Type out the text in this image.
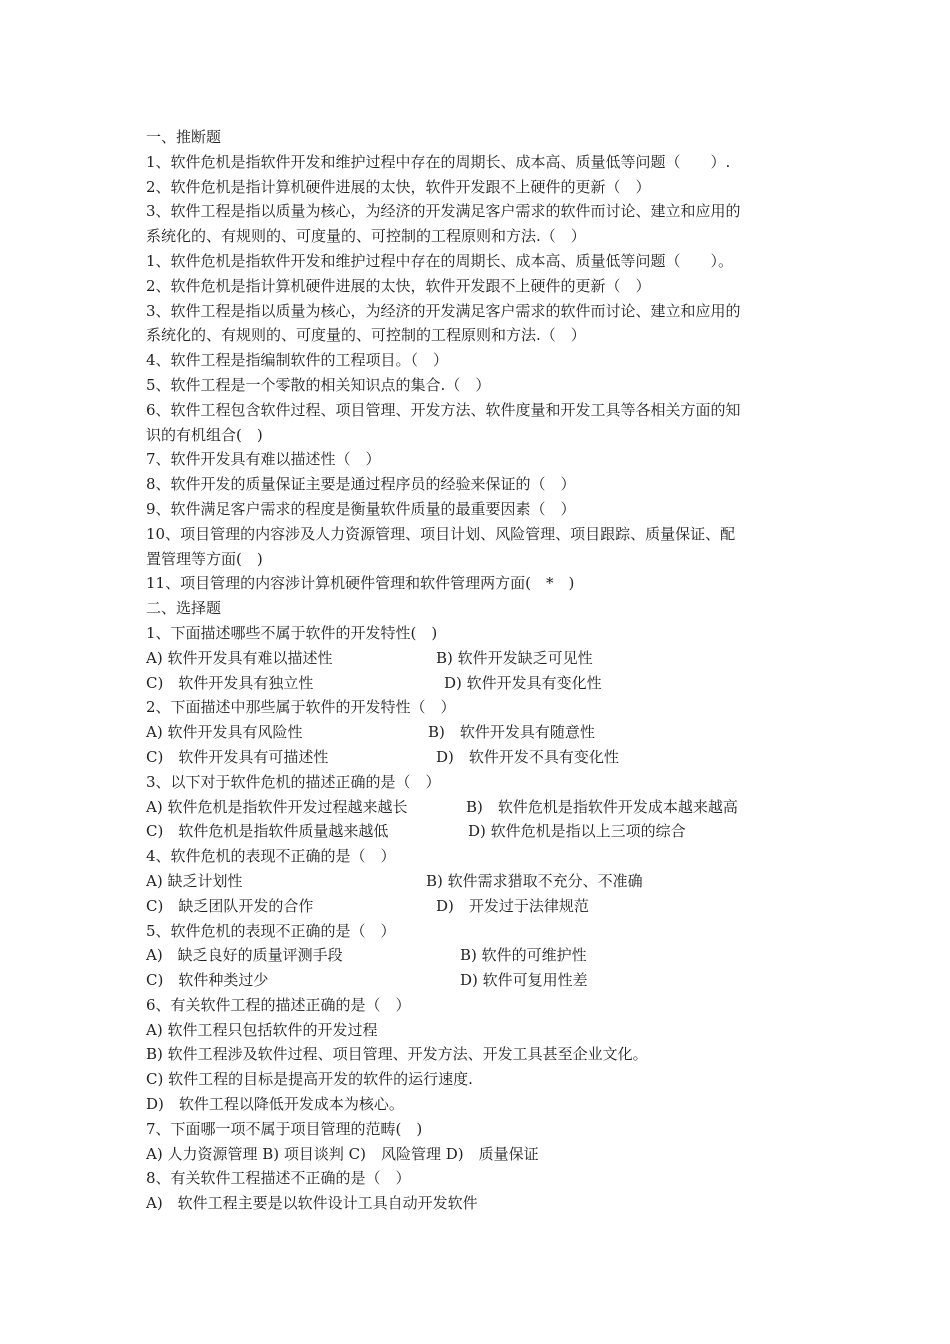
一、推断题
1、软件危机是指软件开发和维护过程中存在的周期长、成本高、质量低等问题（　　）.
2、软件危机是指计算机硬件进展的太快，软件开发跟不上硬件的更新（　）
3、软件工程是指以质量为核心，为经济的开发满足客户需求的软件而讨论、建立和应用的
系统化的、有规则的、可度量的、可控制的工程原则和方法.（　）
1、软件危机是指软件开发和维护过程中存在的周期长、成本高、质量低等问题（　　）。
2、软件危机是指计算机硬件进展的太快，软件开发跟不上硬件的更新（　）
3、软件工程是指以质量为核心，为经济的开发满足客户需求的软件而讨论、建立和应用的
系统化的、有规则的、可度量的、可控制的工程原则和方法.（　）
4、软件工程是指编制软件的工程项目。（　）
5、软件工程是一个零散的相关知识点的集合.（　）
6、软件工程包含软件过程、项目管理、开发方法、软件度量和开发工具等各相关方面的知
识的有机组合(　)
7、软件开发具有难以描述性（　）
8、软件开发的质量保证主要是通过程序员的经验来保证的（　）
9、软件满足客户需求的程度是衡量软件质量的最重要因素（　）
10、项目管理的内容涉及人力资源管理、项目计划、风险管理、项目跟踪、质量保证、配
置管理等方面(　)
11、项目管理的内容涉计算机硬件管理和软件管理两方面(　*　)
二、选择题
1、下面描述哪些不属于软件的开发特性(　)
A) 软件开发具有难以描述性	B) 软件开发缺乏可见性
C)　软件开发具有独立性	D) 软件开发具有变化性
2、下面描述中那些属于软件的开发特性（　）
A) 软件开发具有风险性	B)　软件开发具有随意性
C)　软件开发具有可描述性	D)　软件开发不具有变化性
3、以下对于软件危机的描述正确的是（　）
A) 软件危机是指软件开发过程越来越长	B)　软件危机是指软件开发成本越来越高
C)　软件危机是指软件质量越来越低	D) 软件危机是指以上三项的综合
4、软件危机的表现不正确的是（　）
A) 缺乏计划性	B) 软件需求猎取不充分、不准确
C)　缺乏团队开发的合作	D)　开发过于法律规范
5、软件危机的表现不正确的是（　）
A)　缺乏良好的质量评测手段	B) 软件的可维护性
C)　软件种类过少	D) 软件可复用性差
6、有关软件工程的描述正确的是（　）
A) 软件工程只包括软件的开发过程
B) 软件工程涉及软件过程、项目管理、开发方法、开发工具甚至企业文化。
C) 软件工程的目标是提高开发的软件的运行速度.
D)　软件工程以降低开发成本为核心。
7、下面哪一项不属于项目管理的范畴(　)
A) 人力资源管理 B) 项目谈判 C)　风险管理 D)　质量保证
8、有关软件工程描述不正确的是（　）
A)　软件工程主要是以软件设计工具自动开发软件
